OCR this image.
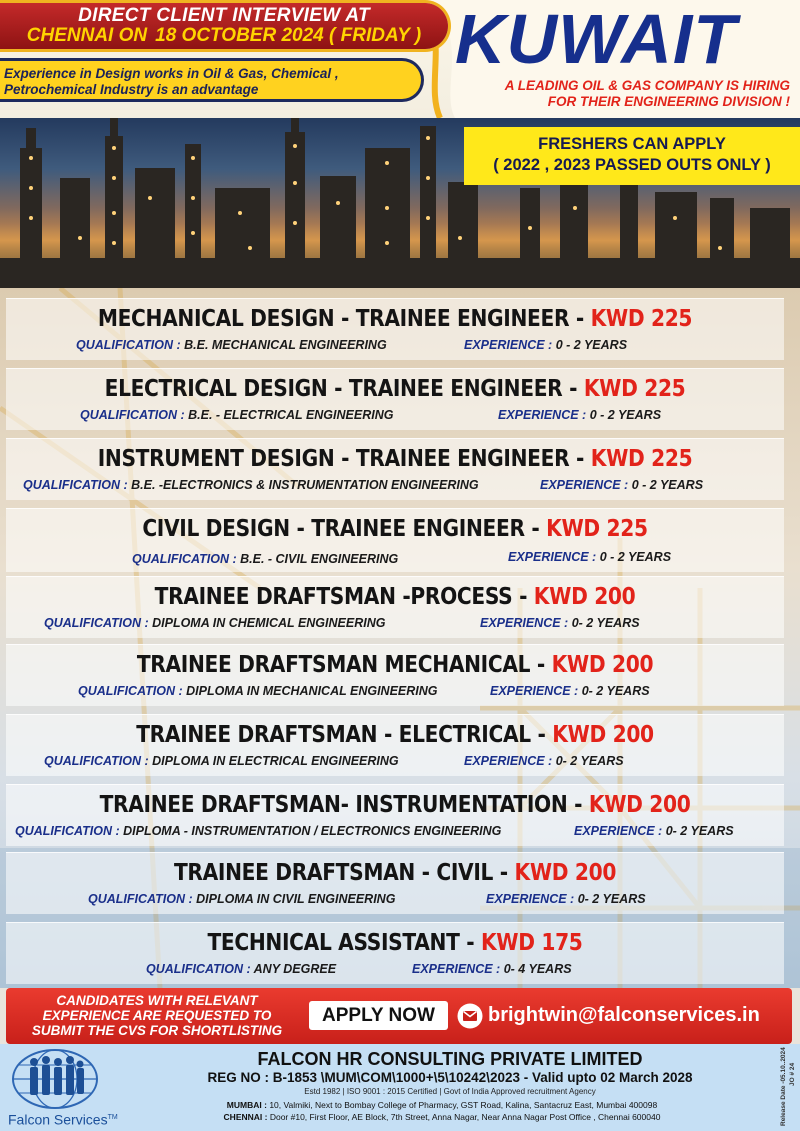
DIRECT CLIENT INTERVIEW AT
CHENNAI ON 18 OCTOBER 2024 ( FRIDAY )
Experience in Design works in Oil & Gas, Chemical , Petrochemical Industry is an advantage
KUWAIT
A LEADING OIL & GAS COMPANY IS HIRING
FOR THEIR ENGINEERING DIVISION !
FRESHERS CAN APPLY
( 2022 , 2023 PASSED OUTS ONLY )
MECHANICAL DESIGN - TRAINEE ENGINEER - KWD 225
QUALIFICATION : B.E. MECHANICAL ENGINEERING	EXPERIENCE : 0 - 2 YEARS
ELECTRICAL DESIGN - TRAINEE ENGINEER - KWD 225
QUALIFICATION : B.E. - ELECTRICAL ENGINEERING	EXPERIENCE : 0 - 2 YEARS
INSTRUMENT DESIGN - TRAINEE ENGINEER - KWD 225
QUALIFICATION : B.E. -ELECTRONICS & INSTRUMENTATION ENGINEERING	EXPERIENCE : 0 - 2 YEARS
CIVIL DESIGN - TRAINEE ENGINEER - KWD 225
QUALIFICATION : B.E. - CIVIL ENGINEERING	EXPERIENCE : 0 - 2 YEARS
TRAINEE DRAFTSMAN -PROCESS - KWD 200
QUALIFICATION : DIPLOMA IN CHEMICAL ENGINEERING	EXPERIENCE : 0- 2 YEARS
TRAINEE DRAFTSMAN MECHANICAL - KWD 200
QUALIFICATION : DIPLOMA IN MECHANICAL ENGINEERING	EXPERIENCE : 0- 2 YEARS
TRAINEE DRAFTSMAN - ELECTRICAL - KWD 200
QUALIFICATION : DIPLOMA IN ELECTRICAL ENGINEERING	EXPERIENCE : 0- 2 YEARS
TRAINEE DRAFTSMAN- INSTRUMENTATION - KWD 200
QUALIFICATION : DIPLOMA - INSTRUMENTATION / ELECTRONICS ENGINEERING	EXPERIENCE : 0- 2 YEARS
TRAINEE DRAFTSMAN - CIVIL - KWD 200
QUALIFICATION : DIPLOMA IN CIVIL ENGINEERING	EXPERIENCE : 0- 2 YEARS
TECHNICAL ASSISTANT - KWD 175
QUALIFICATION : ANY DEGREE	EXPERIENCE : 0- 4 YEARS
CANDIDATES WITH RELEVANT
EXPERIENCE ARE REQUESTED TO
SUBMIT THE CVS FOR SHORTLISTING
APPLY NOW	brightwin@falconservices.in
Falcon Services™
FALCON HR CONSULTING PRIVATE LIMITED
REG NO : B-1853 \MUM\COM\1000+\5\10242\2023 - Valid upto 02 March 2028
Estd 1982 | ISO 9001 : 2015 Certified | Govt of India Approved recruitment Agency
MUMBAI : 10, Valmiki, Next to Bombay College of Pharmacy, GST Road, Kalina, Santacruz East, Mumbai 400098
CHENNAI : Door #10, First Floor, AE Block, 7th Street, Anna Nagar, Near Anna Nagar Post Office , Chennai 600040	Release Date -05.10..2024 JO # 24
